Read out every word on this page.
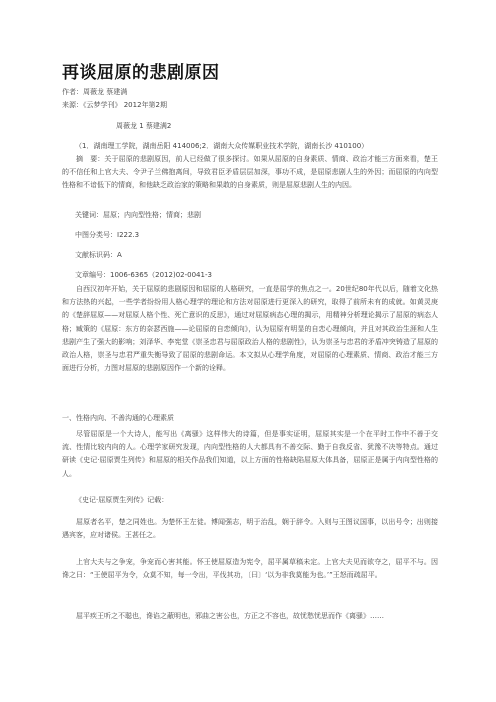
再谈屈原的悲剧原因
作者：周薇龙 蔡建满
来源：《云梦学刊》 2012年第2期
周薇龙 1 蔡建满2
（1．湖南理工学院，湖南岳阳 414006;2．湖南大众传媒职业技术学院，湖南长沙 410100）
摘　要：关于屈原的悲剧原因，前人已经做了很多探讨。如果从屈原的自身素质、情商、政治才能三方面来看，楚王的不信任和上官大夫、令尹子兰佛抱离间，导致君臣矛盾层层加深，事功不成，是屈原悲剧人生的外因；而屈原的内向型性格和不谙低下的情商，和他缺乏政治家的策略和果敢的自身素质，则是屈原悲剧人生的内因。
关键词：屈原；内向型性格；情商；悲剧
中图分类号：I222.3
文献标识码：A
文章编号：1006-6365（2012)02-0041-3
自西汉初年开始，关于屈原的悲剧原因和屈原的人格研究，一直是屈学的焦点之一。20世纪80年代以后，随着文化热和方法热的兴起，一些学者纷纷用人格心理学的理论和方法对屈原进行更深入的研究，取得了前所未有的成就。如黄灵庚的《楚辞屈原——对屈原人格个性、死亡意识的反思》，通过对屈原病态心理的揭示，用精神分析理论揭示了屈原的病态人格；臧策的《屈原：东方的奈瑟西施——论屈原的自恋倾向》，认为屈原有明显的自恋心理倾向，并且对其政治生涯和人生悲剧产生了强大的影响；刘泽华、李宪堂《崇圣忠君与屈原政治人格的悲剧性》，认为崇圣与忠君的矛盾冲突铸造了屈原的政治人格，崇圣与忠君严重失衡导致了屈原的悲剧命运。本文拟从心理学角度，对屈原的心理素质、情商、政治才能三方面进行分析，力图对屈原的悲剧原因作一个新的诠释。
一、性格内向、不善沟通的心理素质
尽管屈原是一个大诗人，能写出《离骚》这样伟大的诗篇，但是事实证明，屈原其实是一个在平时工作中不善于交流、性情比较内向的人。心理学家研究发现，内向型性格的人大都具有不善交际、勤于自我反省、犹豫不决等特点。通过研读《史记·屈原贾生列传》和屈原的相关作品我们知道，以上方面的性格缺陷屈原大体具备，屈原正是属于内向型性格的人。
《史记·屈原贾生列传》记载：
屈原者名平，楚之同姓也。为楚怀王左徒。博闻强志，明于治乱，娴于辞令。入则与王图议国事，以出号令；出则接遇宾客，应对诸侯。王甚任之。
上官大夫与之争宠，争宠而心害其能。怀王使屈原造为宪令，屈平属草稿未定。上官大夫见而欲夺之，屈平不与。因谗之曰：“王使屈平为令，众莫不知，每一令出，平伐其功，〔曰〕‘以为非我莫能为也。’”王怒而疏屈平。
屈平疾王听之不聪也，谗谄之蔽明也，邪曲之害公也，方正之不容也，故忧愁忧思而作《离骚》……
